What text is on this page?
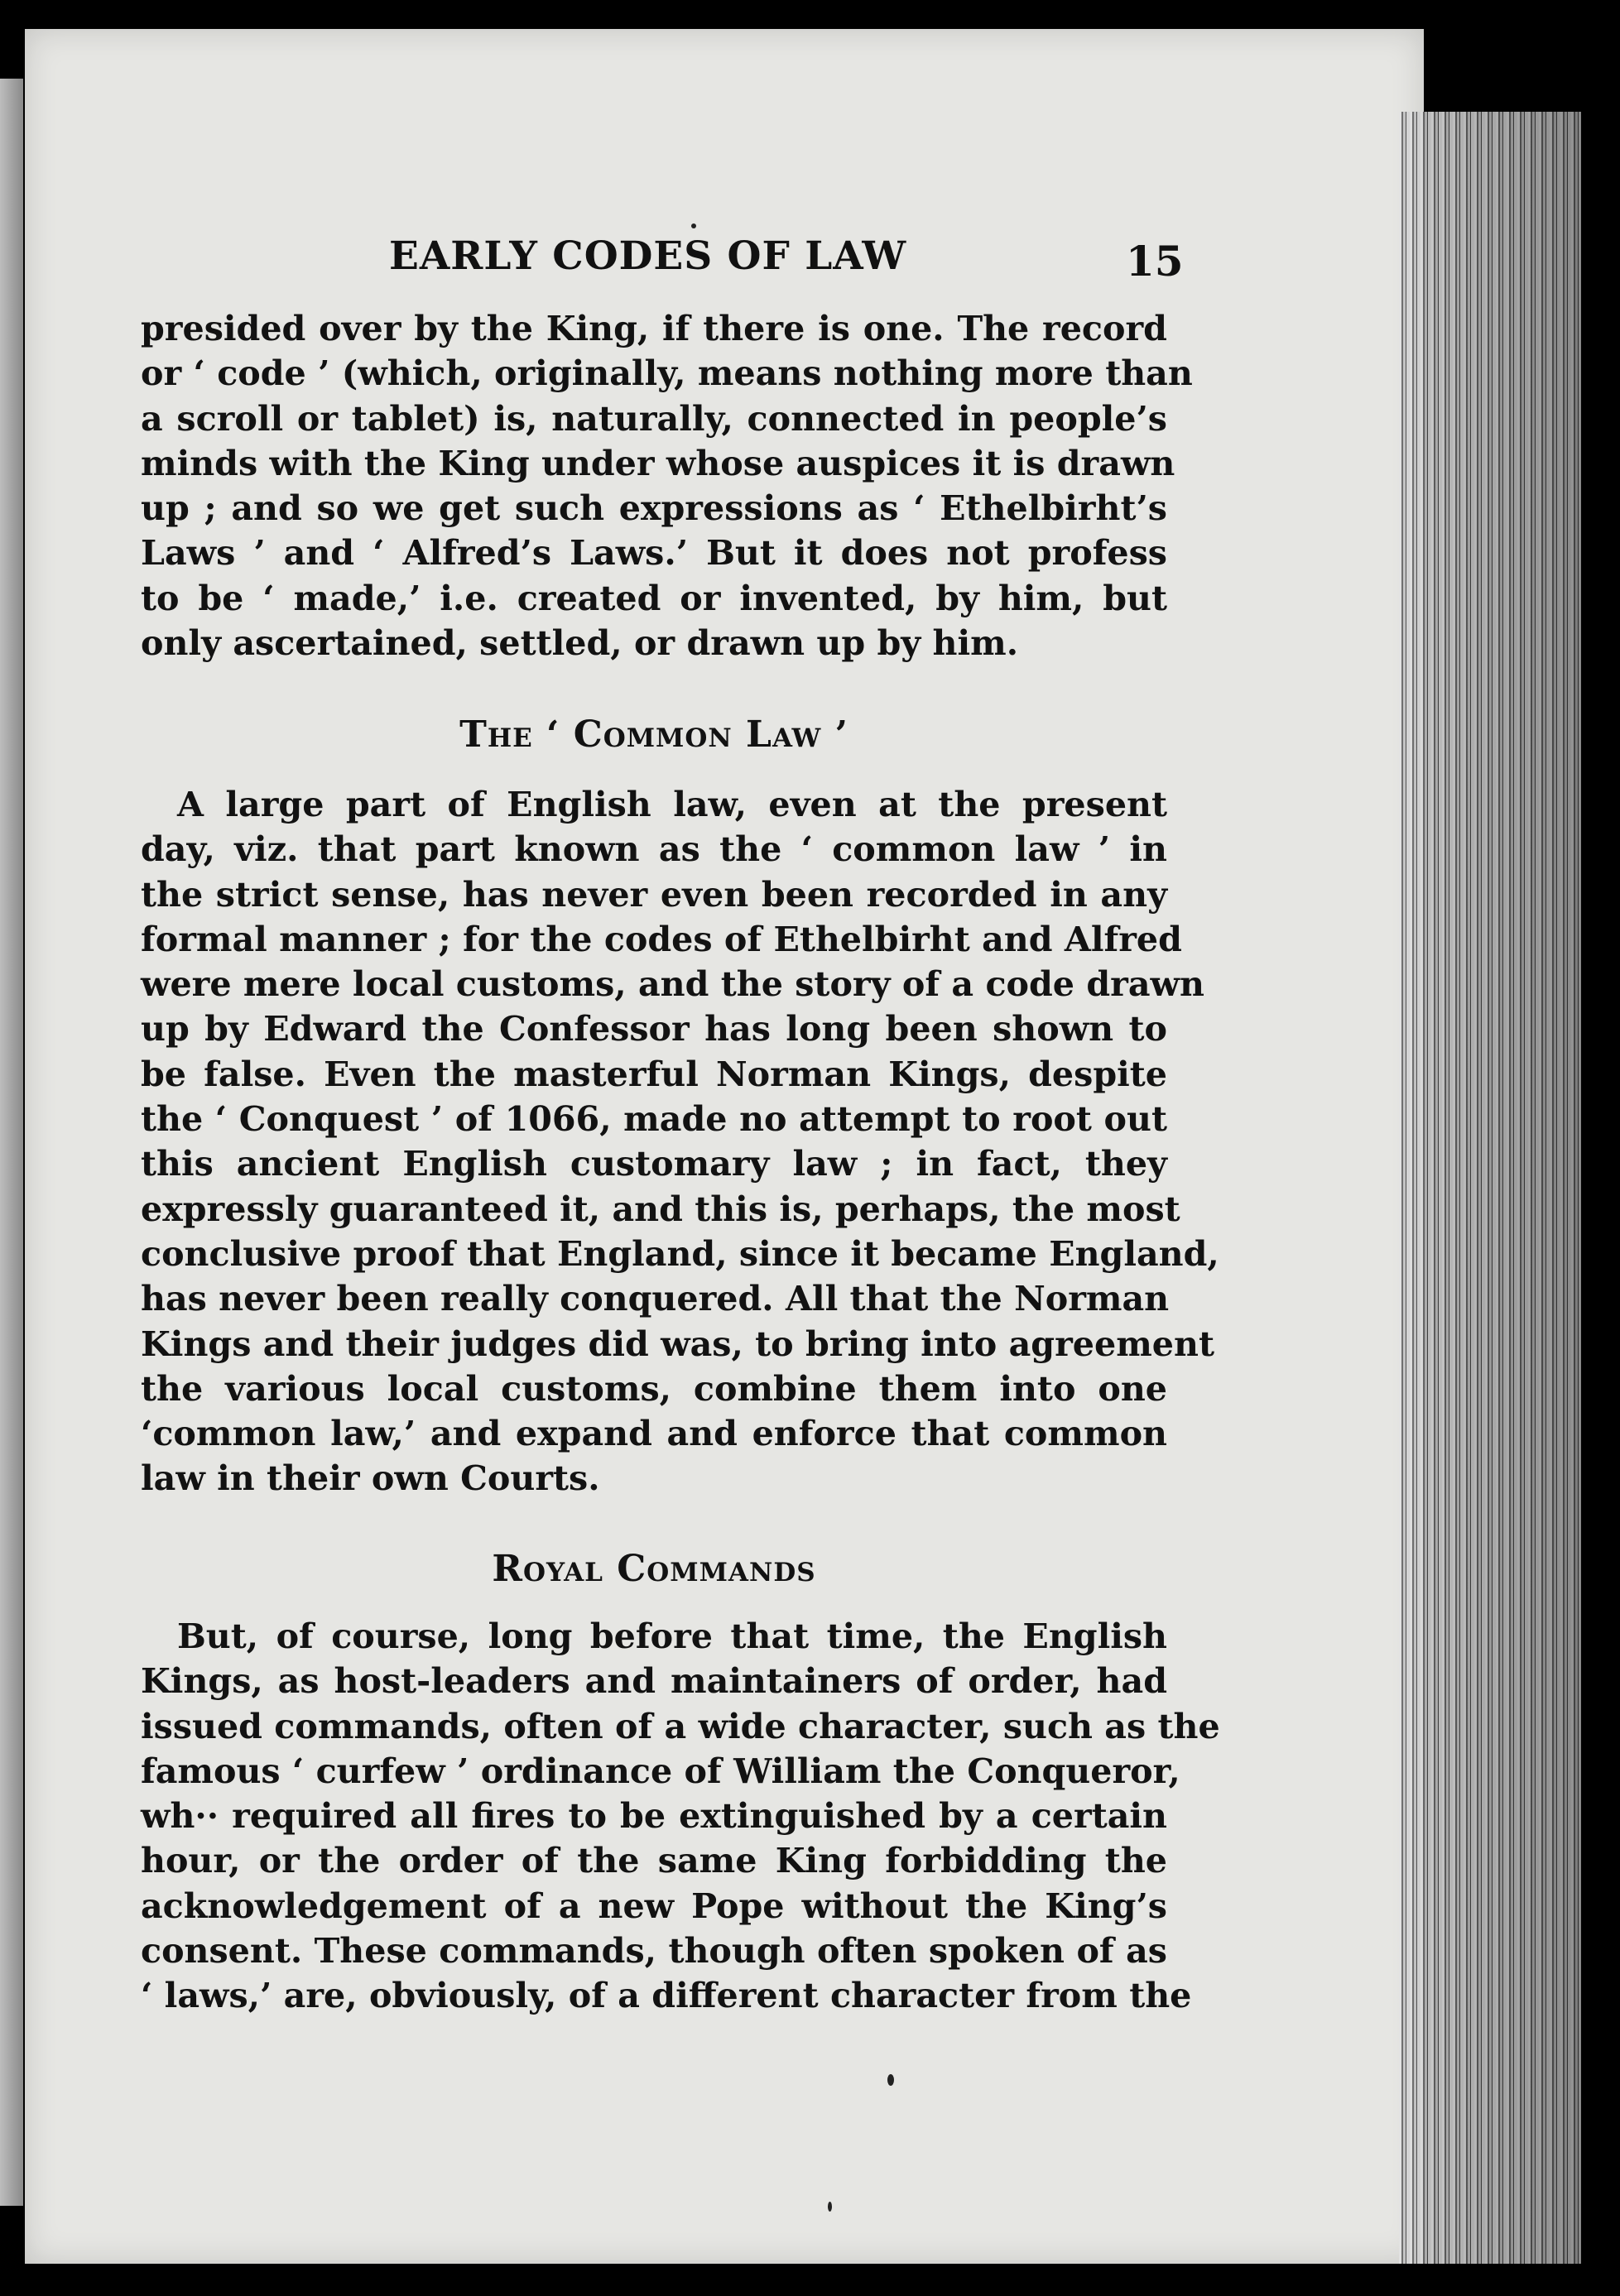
EARLY CODES OF LAW	15
presided over by the King, if there is one. The record
or ‘ code ’ (which, originally, means nothing more than
a scroll or tablet) is, naturally, connected in people’s
minds with the King under whose auspices it is drawn
up ; and so we get such expressions as ‘ Ethelbirht’s
Laws ’ and ‘ Alfred’s Laws.’ But it does not profess
to be ‘ made,’ i.e. created or invented, by him, but
only ascertained, settled, or drawn up by him.
The ‘ Common Law ’
A large part of English law, even at the present
day, viz. that part known as the ‘ common law ’ in
the strict sense, has never even been recorded in any
formal manner ; for the codes of Ethelbirht and Alfred
were mere local customs, and the story of a code drawn
up by Edward the Confessor has long been shown to
be false. Even the masterful Norman Kings, despite
the ‘ Conquest ’ of 1066, made no attempt to root out
this ancient English customary law ; in fact, they
expressly guaranteed it, and this is, perhaps, the most
conclusive proof that England, since it became England,
has never been really conquered. All that the Norman
Kings and their judges did was, to bring into agreement
the various local customs, combine them into one
‘common law,’ and expand and enforce that common
law in their own Courts.
Royal Commands
But, of course, long before that time, the English
Kings, as host-leaders and maintainers of order, had
issued commands, often of a wide character, such as the
famous ‘ curfew ’ ordinance of William the Conqueror,
wh·· required all fires to be extinguished by a certain
hour, or the order of the same King forbidding the
acknowledgement of a new Pope without the King’s
consent. These commands, though often spoken of as
‘ laws,’ are, obviously, of a different character from the
